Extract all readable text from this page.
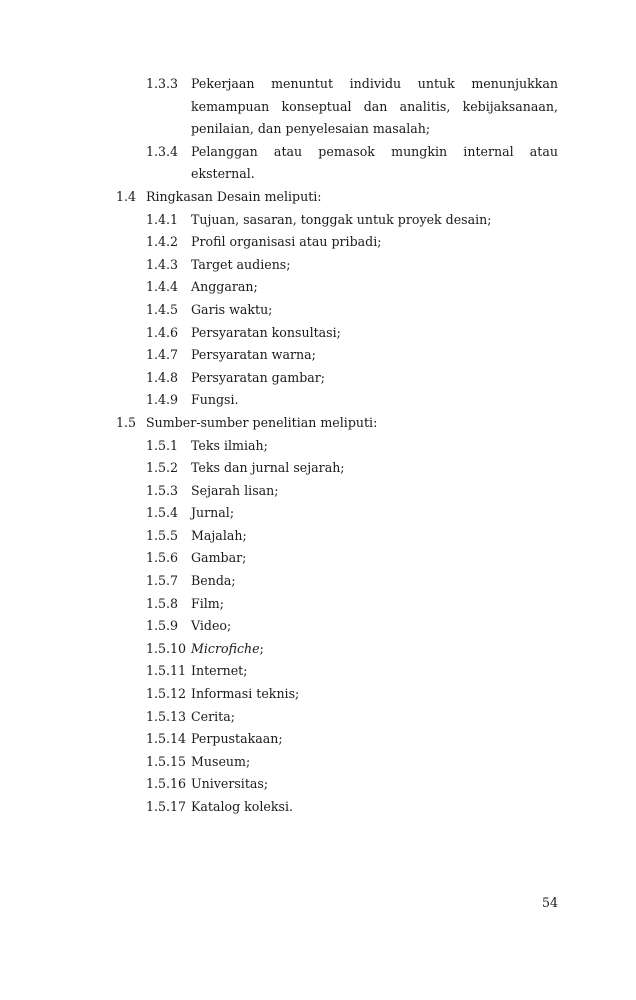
1.3.3 Pekerjaan menuntut individu untuk menunjukkan kemampuan konseptual dan analitis, kebijaksanaan, penilaian, dan penyelesaian masalah;
1.3.4 Pelanggan atau pemasok mungkin internal atau eksternal.
1.4 Ringkasan Desain meliputi:
1.4.1 Tujuan, sasaran, tonggak untuk proyek desain;
1.4.2 Profil organisasi atau pribadi;
1.4.3 Target audiens;
1.4.4 Anggaran;
1.4.5 Garis waktu;
1.4.6 Persyaratan konsultasi;
1.4.7 Persyaratan warna;
1.4.8 Persyaratan gambar;
1.4.9 Fungsi.
1.5 Sumber-sumber penelitian meliputi:
1.5.1 Teks ilmiah;
1.5.2 Teks dan jurnal sejarah;
1.5.3 Sejarah lisan;
1.5.4 Jurnal;
1.5.5 Majalah;
1.5.6 Gambar;
1.5.7 Benda;
1.5.8 Film;
1.5.9 Video;
1.5.10 Microfiche;
1.5.11 Internet;
1.5.12 Informasi teknis;
1.5.13 Cerita;
1.5.14 Perpustakaan;
1.5.15 Museum;
1.5.16 Universitas;
1.5.17 Katalog koleksi.
54
